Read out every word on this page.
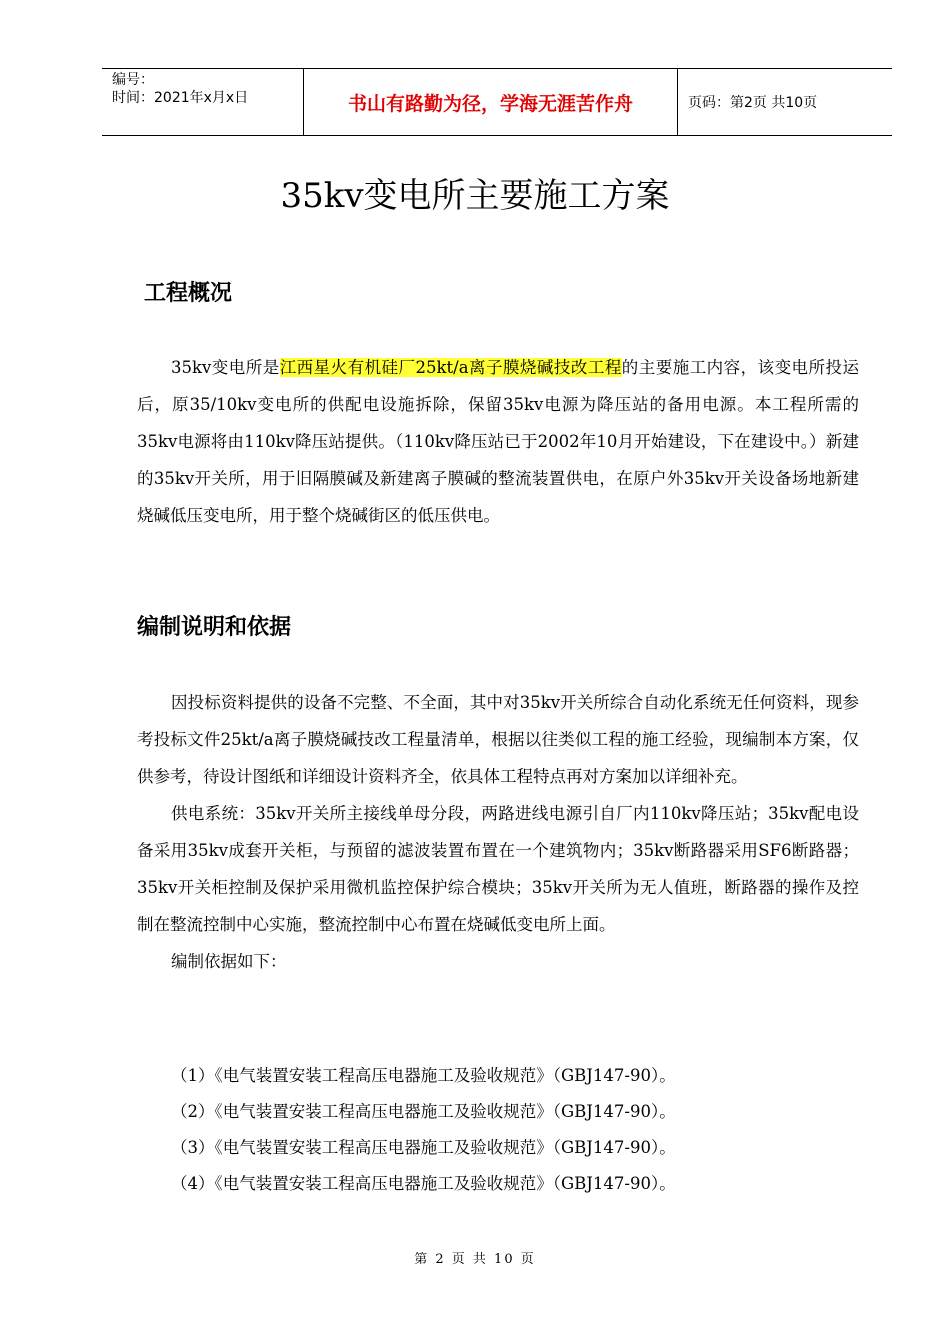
编号：
时间：2021年x月x日	书山有路勤为径，学海无涯苦作舟	页码：第2页 共10页
35kv变电所主要施工方案
工程概况

35kv变电所是江西星火有机硅厂25kt/a离子膜烧碱技改工程的主要施工内容，该变电所投运后，原35/10kv变电所的供配电设施拆除，保留35kv电源为降压站的备用电源。本工程所需的35kv电源将由110kv降压站提供。（110kv降压站已于2002年10月开始建设，下在建设中。）新建的35kv开关所，用于旧隔膜碱及新建离子膜碱的整流装置供电，在原户外35kv开关设备场地新建烧碱低压变电所，用于整个烧碱街区的低压供电。

编制说明和依据

因投标资料提供的设备不完整、不全面，其中对35kv开关所综合自动化系统无任何资料，现参考投标文件25kt/a离子膜烧碱技改工程量清单，根据以往类似工程的施工经验，现编制本方案，仅供参考，待设计图纸和详细设计资料齐全，依具体工程特点再对方案加以详细补充。

供电系统：35kv开关所主接线单母分段，两路进线电源引自厂内110kv降压站；35kv配电设备采用35kv成套开关柜，与预留的滤波装置布置在一个建筑物内；35kv断路器采用SF6断路器；35kv开关柜控制及保护采用微机监控保护综合模块；35kv开关所为无人值班，断路器的操作及控制在整流控制中心实施，整流控制中心布置在烧碱低变电所上面。

编制依据如下：

（1）《电气装置安装工程高压电器施工及验收规范》（GBJ147-90）。
（2）《电气装置安装工程高压电器施工及验收规范》（GBJ147-90）。
（3）《电气装置安装工程高压电器施工及验收规范》（GBJ147-90）。
（4）《电气装置安装工程高压电器施工及验收规范》（GBJ147-90）。
第 2 页 共 10 页
